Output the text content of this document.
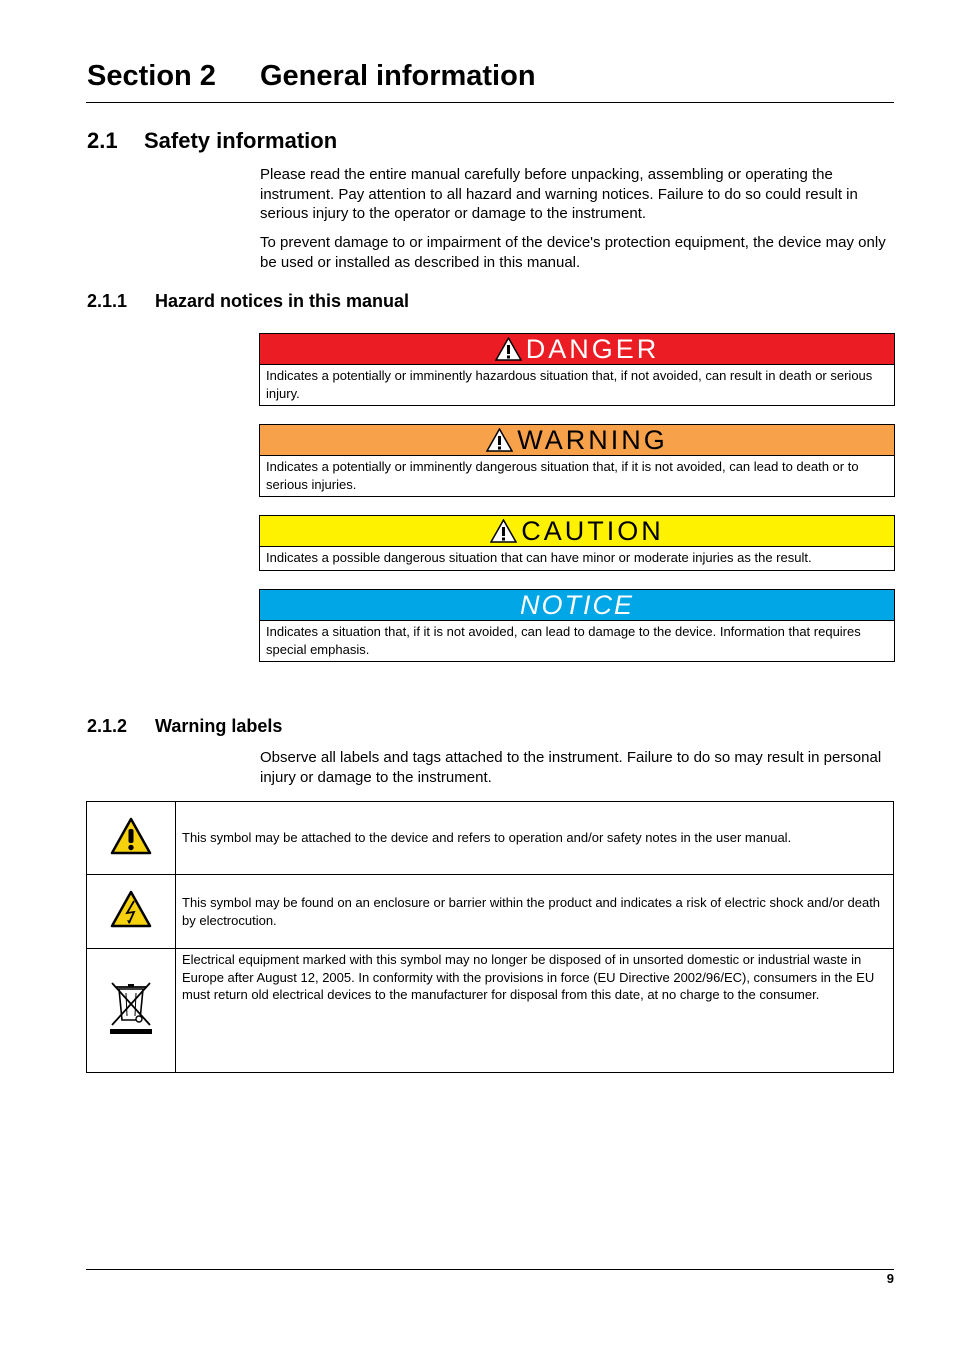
Section 2 General information
2.1 Safety information
Please read the entire manual carefully before unpacking, assembling or operating the instrument. Pay attention to all hazard and warning notices. Failure to do so could result in serious injury to the operator or damage to the instrument.
To prevent damage to or impairment of the device's protection equipment, the device may only be used or installed as described in this manual.
2.1.1 Hazard notices in this manual
DANGER
Indicates a potentially or imminently hazardous situation that, if not avoided, can result in death or serious injury.
WARNING
Indicates a potentially or imminently dangerous situation that, if it is not avoided, can lead to death or to serious injuries.
CAUTION
Indicates a possible dangerous situation that can have minor or moderate injuries as the result.
NOTICE
Indicates a situation that, if it is not avoided, can lead to damage to the device. Information that requires special emphasis.
2.1.2 Warning labels
Observe all labels and tags attached to the instrument. Failure to do so may result in personal injury or damage to the instrument.
	This symbol may be attached to the device and refers to operation and/or safety notes in the user manual.
	This symbol may be found on an enclosure or barrier within the product and indicates a risk of electric shock and/or death by electrocution.
	Electrical equipment marked with this symbol may no longer be disposed of in unsorted domestic or industrial waste in Europe after August 12, 2005. In conformity with the provisions in force (EU Directive 2002/96/EC), consumers in the EU must return old electrical devices to the manufacturer for disposal from this date, at no charge to the consumer.
9
